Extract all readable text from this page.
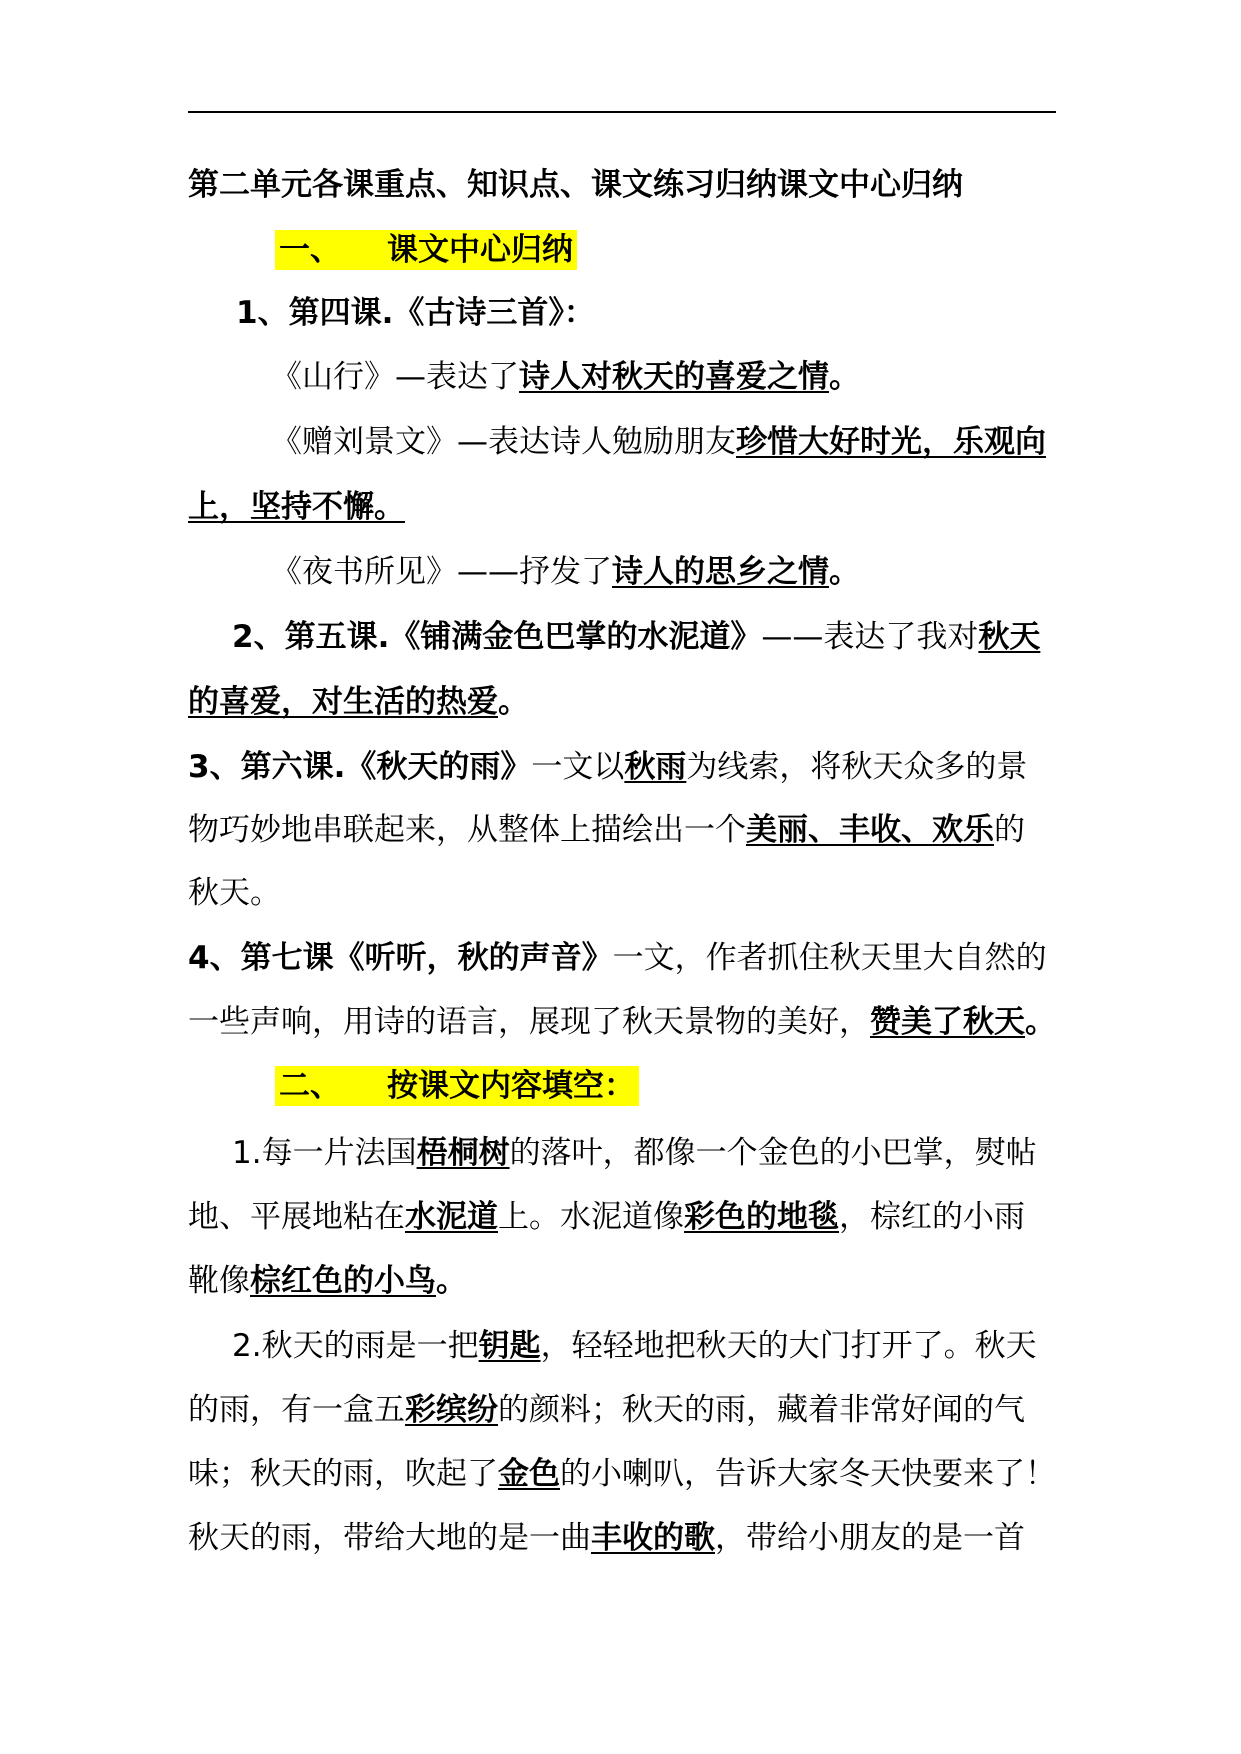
第二单元各课重点、知识点、课文练习归纳课文中心归纳
一、 课文中心归纳
1、第四课.《古诗三首》：
《山行》—表达了诗人对秋天的喜爱之情。
《赠刘景文》—表达诗人勉励朋友珍惜大好时光，乐观向
上，坚持不懈。
《夜书所见》——抒发了诗人的思乡之情。
2、第五课.《铺满金色巴掌的水泥道》——表达了我对秋天
的喜爱，对生活的热爱。
3、第六课.《秋天的雨》一文以秋雨为线索，将秋天众多的景
物巧妙地串联起来，从整体上描绘出一个美丽、丰收、欢乐的
秋天。
4、第七课《听听，秋的声音》一文，作者抓住秋天里大自然的
一些声响，用诗的语言，展现了秋天景物的美好，赞美了秋天。
二、 按课文内容填空：
1.每一片法国梧桐树的落叶，都像一个金色的小巴掌，熨帖
地、平展地粘在水泥道上。水泥道像彩色的地毯，棕红的小雨
靴像棕红色的小鸟。
2.秋天的雨是一把钥匙，轻轻地把秋天的大门打开了。秋天
的雨，有一盒五彩缤纷的颜料；秋天的雨，藏着非常好闻的气
味；秋天的雨，吹起了金色的小喇叭，告诉大家冬天快要来了！
秋天的雨，带给大地的是一曲丰收的歌，带给小朋友的是一首
